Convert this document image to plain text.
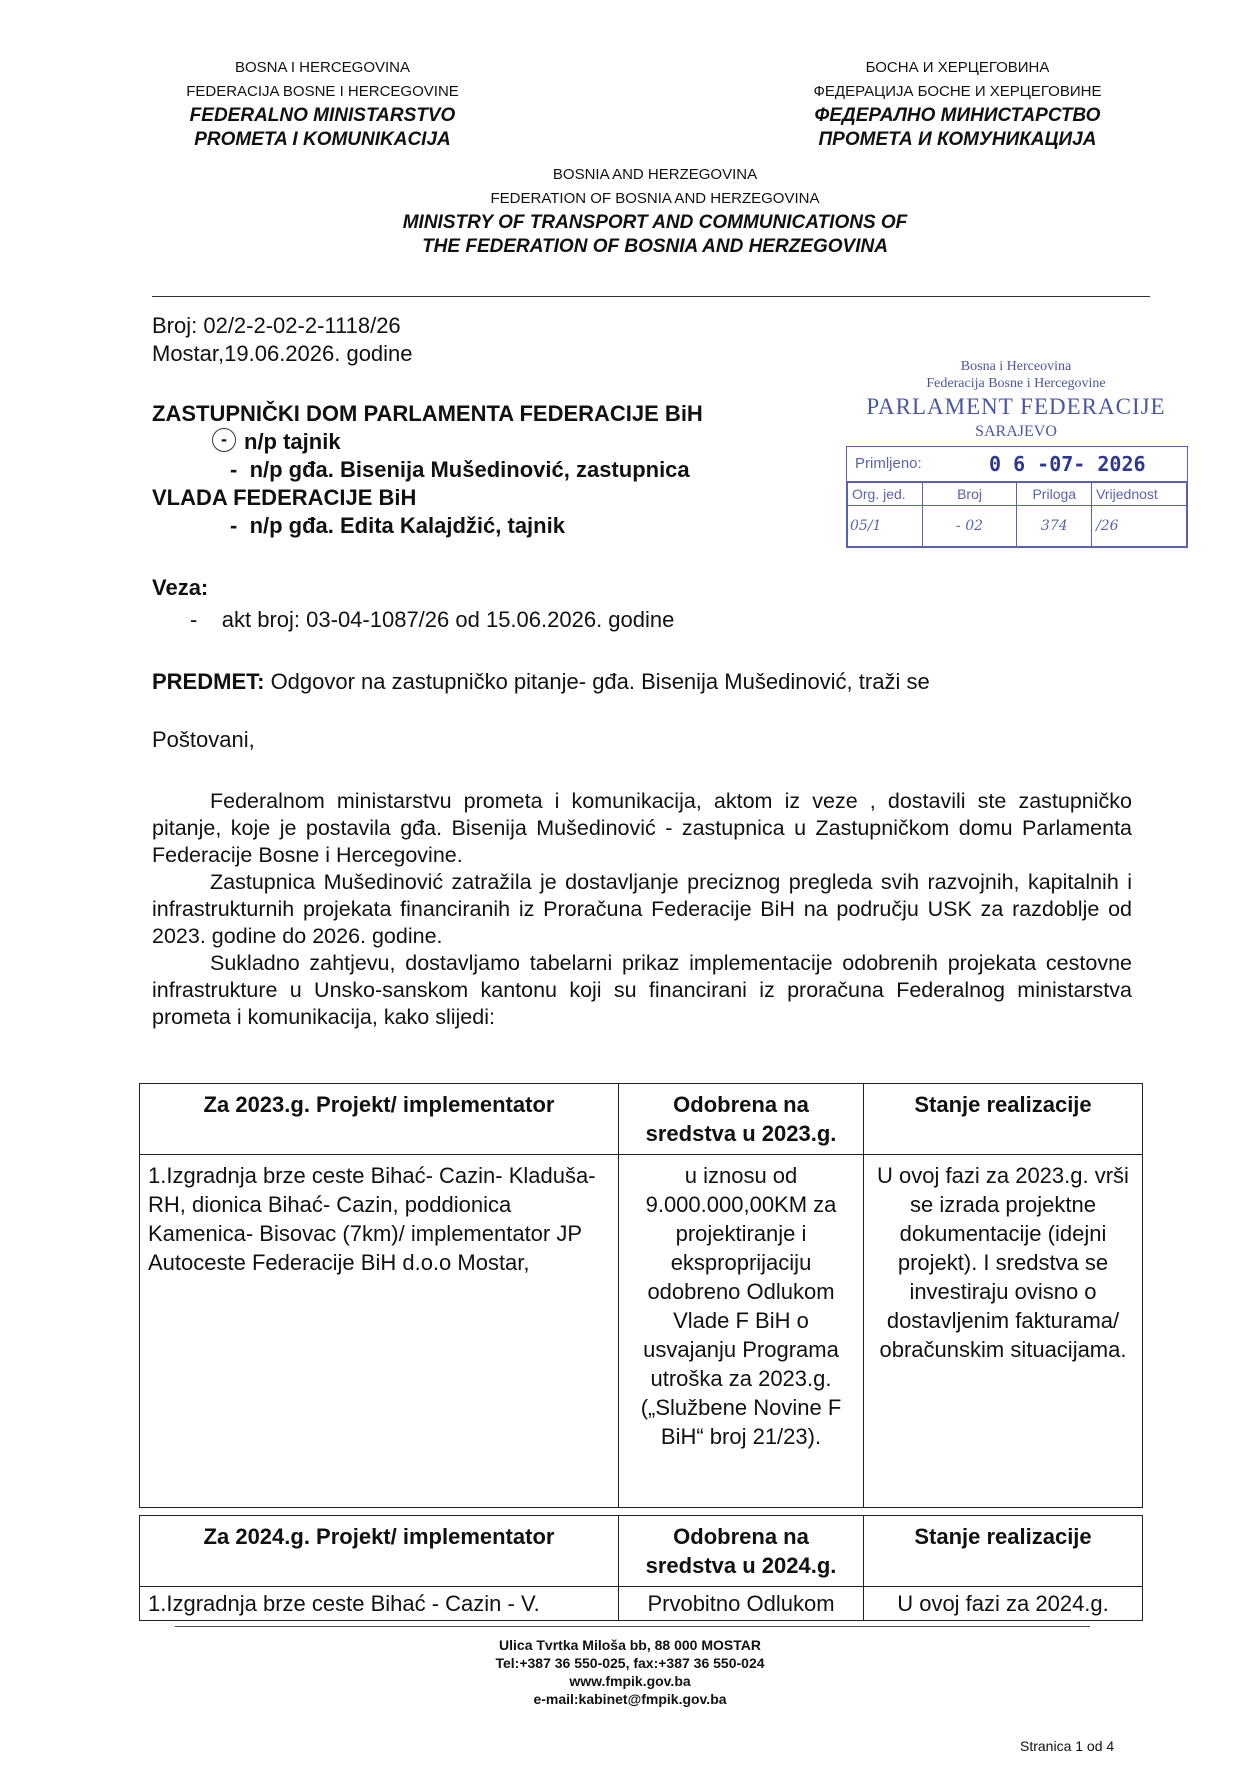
BOSNA I HERCEGOVINA
FEDERACIJA BOSNE I HERCEGOVINE
FEDERALNO MINISTARSTVO
PROMETA I KOMUNIKACIJA
БОСНА И ХЕРЦЕГОВИНА
ФЕДЕРАЦИЈА БОСНЕ И ХЕРЦЕГОВИНЕ
ФЕДЕРАЛНО МИНИСТАРСТВО
ПРОМЕТА И КОМУНИКАЦИЈА
BOSNIA AND HERZEGOVINA
FEDERATION OF BOSNIA AND HERZEGOVINA
MINISTRY OF TRANSPORT AND COMMUNICATIONS OF
THE FEDERATION OF BOSNIA AND HERZEGOVINA
Broj: 02/2-2-02-2-1118/26
Mostar,19.06.2026. godine
ZASTUPNIČKI DOM PARLAMENTA FEDERACIJE BiH
- n/p tajnik
-  n/p gđa. Bisenija Mušedinović, zastupnica
VLADA FEDERACIJE BiH
-  n/p gđa. Edita Kalajdžić, tajnik
Bosna i Herceovina
Federacija Bosne i Hercegovine
PARLAMENT FEDERACIJE
SARAJEVO
Primljeno:	0 6 -07- 2026
Org. jed.	Broj	Priloga	Vrijednost
05/1	- 02	374	/26
Veza:
-    akt broj: 03-04-1087/26 od 15.06.2026. godine
PREDMET: Odgovor na zastupničko pitanje- gđa. Bisenija Mušedinović, traži se
Poštovani,
Federalnom ministarstvu prometa i komunikacija, aktom iz veze , dostavili ste zastupničko pitanje, koje je postavila gđa. Bisenija Mušedinović - zastupnica u Zastupničkom domu Parlamenta Federacije Bosne i Hercegovine.
Zastupnica Mušedinović zatražila je dostavljanje preciznog pregleda svih razvojnih, kapitalnih i infrastrukturnih projekata financiranih iz Proračuna Federacije BiH na području USK za razdoblje od 2023. godine do 2026. godine.
Sukladno zahtjevu, dostavljamo tabelarni prikaz implementacije odobrenih projekata cestovne infrastrukture u Unsko-sanskom kantonu koji su financirani iz proračuna Federalnog ministarstva prometa i komunikacija, kako slijedi:
Za 2023.g. Projekt/ implementator	Odobrena na sredstva u 2023.g.	Stanje realizacije
1.Izgradnja brze ceste Bihać- Cazin- Kladuša- RH, dionica Bihać- Cazin, poddionica Kamenica- Bisovac (7km)/ implementator JP Autoceste Federacije BiH d.o.o Mostar,	u iznosu od 9.000.000,00KM za projektiranje i eksproprijaciju odobreno Odlukom Vlade F BiH o usvajanju Programa utroška za 2023.g. („Službene Novine F BiH“ broj 21/23).	U ovoj fazi za 2023.g. vrši se izrada projektne dokumentacije (idejni projekt). I sredstva se investiraju ovisno o dostavljenim fakturama/ obračunskim situacijama.
Za 2024.g. Projekt/ implementator	Odobrena na sredstva u 2024.g.	Stanje realizacije
1.Izgradnja brze ceste Bihać - Cazin - V.	Prvobitno Odlukom	U ovoj fazi za 2024.g.
Ulica Tvrtka Miloša bb, 88 000 MOSTAR
Tel:+387 36 550-025, fax:+387 36 550-024
www.fmpik.gov.ba
e-mail:kabinet@fmpik.gov.ba
Stranica 1 od 4
